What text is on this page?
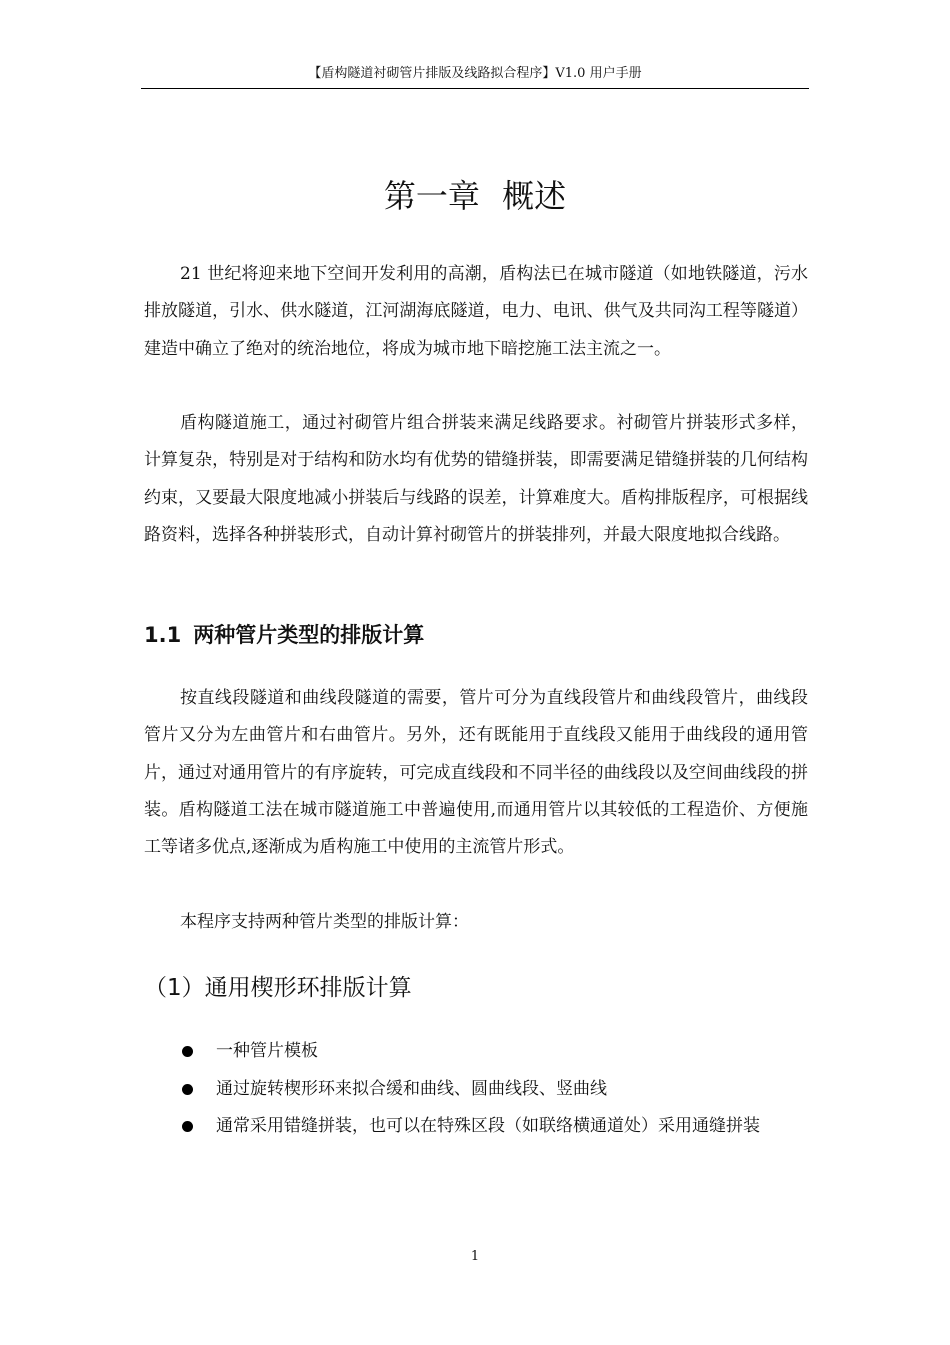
【盾构隧道衬砌管片排版及线路拟合程序】V1.0 用户手册
第一章 概述

21 世纪将迎来地下空间开发利用的高潮，盾构法已在城市隧道（如地铁隧道，污水排放隧道，引水、供水隧道，江河湖海底隧道，电力、电讯、供气及共同沟工程等隧道）建造中确立了绝对的统治地位，将成为城市地下暗挖施工法主流之一。

盾构隧道施工，通过衬砌管片组合拼装来满足线路要求。衬砌管片拼装形式多样，计算复杂，特别是对于结构和防水均有优势的错缝拼装，即需要满足错缝拼装的几何结构约束，又要最大限度地减小拼装后与线路的误差，计算难度大。盾构排版程序，可根据线路资料，选择各种拼装形式，自动计算衬砌管片的拼装排列，并最大限度地拟合线路。

1.1 两种管片类型的排版计算

按直线段隧道和曲线段隧道的需要，管片可分为直线段管片和曲线段管片，曲线段管片又分为左曲管片和右曲管片。另外，还有既能用于直线段又能用于曲线段的通用管片，通过对通用管片的有序旋转，可完成直线段和不同半径的曲线段以及空间曲线段的拼装。盾构隧道工法在城市隧道施工中普遍使用,而通用管片以其较低的工程造价、方便施工等诸多优点,逐渐成为盾构施工中使用的主流管片形式。

本程序支持两种管片类型的排版计算：

（1）通用楔形环排版计算
一种管片模板
通过旋转楔形环来拟合缓和曲线、圆曲线段、竖曲线
通常采用错缝拼装，也可以在特殊区段（如联络横通道处）采用通缝拼装
1
